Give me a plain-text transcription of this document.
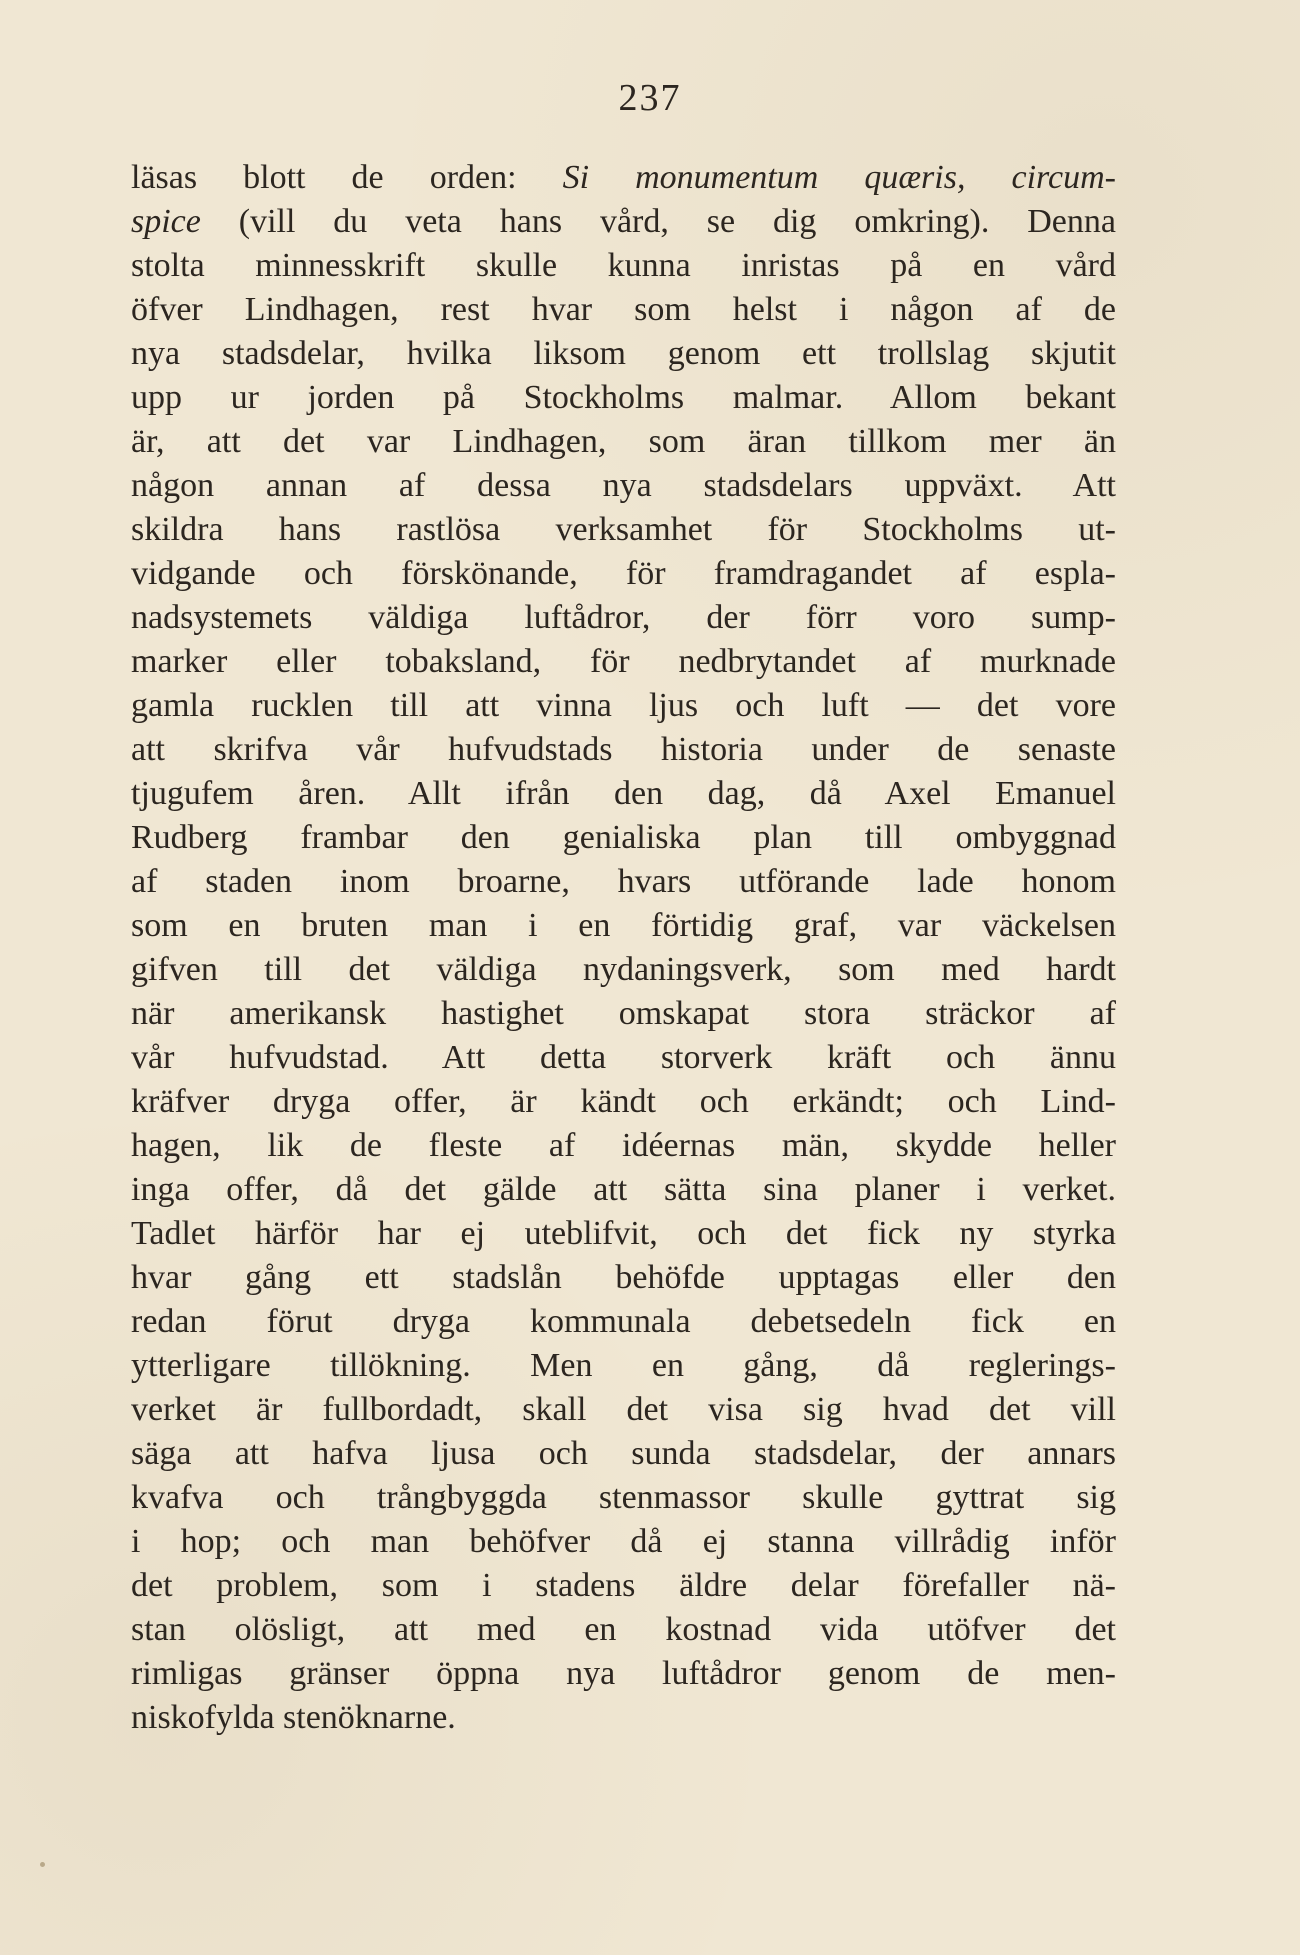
237
läsas blott de orden: Si monumentum quæris, circum-
spice (vill du veta hans vård, se dig omkring). Denna
stolta minnesskrift skulle kunna inristas på en vård
öfver Lindhagen, rest hvar som helst i någon af de
nya stadsdelar, hvilka liksom genom ett trollslag skjutit
upp ur jorden på Stockholms malmar. Allom bekant
är, att det var Lindhagen, som äran tillkom mer än
någon annan af dessa nya stadsdelars uppväxt. Att
skildra hans rastlösa verksamhet för Stockholms ut-
vidgande och förskönande, för framdragandet af espla-
nadsystemets väldiga luftådror, der förr voro sump-
marker eller tobaksland, för nedbrytandet af murknade
gamla rucklen till att vinna ljus och luft — det vore
att skrifva vår hufvudstads historia under de senaste
tjugufem åren. Allt ifrån den dag, då Axel Emanuel
Rudberg frambar den genialiska plan till ombyggnad
af staden inom broarne, hvars utförande lade honom
som en bruten man i en förtidig graf, var väckelsen
gifven till det väldiga nydaningsverk, som med hardt
när amerikansk hastighet omskapat stora sträckor af
vår hufvudstad. Att detta storverk kräft och ännu
kräfver dryga offer, är kändt och erkändt; och Lind-
hagen, lik de fleste af idéernas män, skydde heller
inga offer, då det gälde att sätta sina planer i verket.
Tadlet härför har ej uteblifvit, och det fick ny styrka
hvar gång ett stadslån behöfde upptagas eller den
redan förut dryga kommunala debetsedeln fick en
ytterligare tillökning. Men en gång, då reglerings-
verket är fullbordadt, skall det visa sig hvad det vill
säga att hafva ljusa och sunda stadsdelar, der annars
kvafva och trångbyggda stenmassor skulle gyttrat sig
i hop; och man behöfver då ej stanna villrådig inför
det problem, som i stadens äldre delar förefaller nä-
stan olösligt, att med en kostnad vida utöfver det
rimligas gränser öppna nya luftådror genom de men-
niskofylda stenöknarne.
